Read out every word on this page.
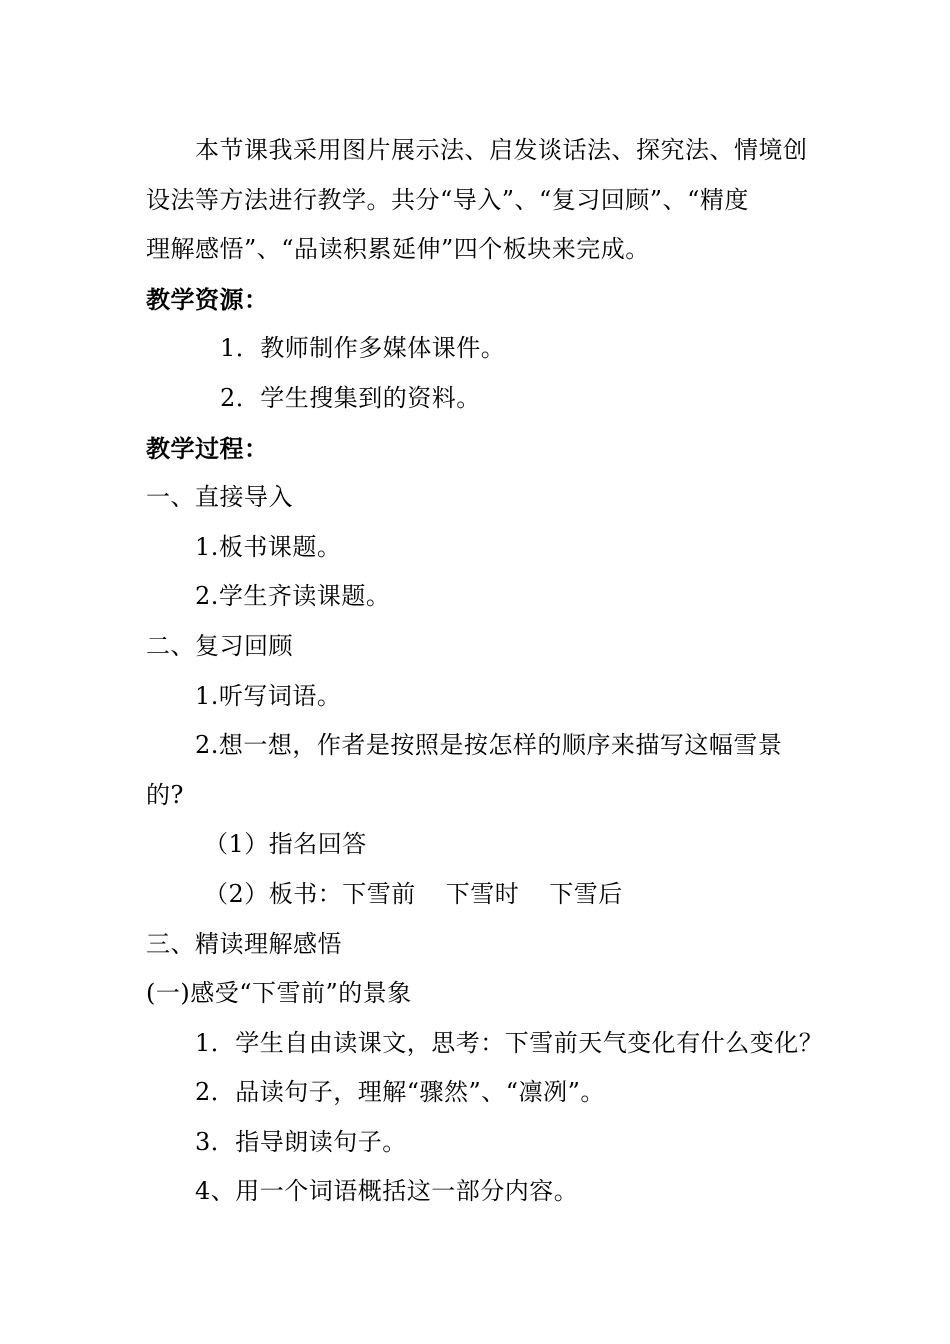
本节课我采用图片展示法、启发谈话法、探究法、情境创
设法等方法进行教学。共分“导入”、“复习回顾”、“精度
理解感悟”、“品读积累延伸”四个板块来完成。
教学资源：
1．教师制作多媒体课件。
2．学生搜集到的资料。
教学过程：
一、直接导入
1.板书课题。
2.学生齐读课题。
二、复习回顾
1.听写词语。
2.想一想，作者是按照是按怎样的顺序来描写这幅雪景
的?
（1）指名回答
（2）板书：下雪前 下雪时 下雪后
三、精读理解感悟
(一)感受“下雪前”的景象
1．学生自由读课文，思考：下雪前天气变化有什么变化？
2．品读句子，理解“骤然”、“凛冽”。
3．指导朗读句子。
4、用一个词语概括这一部分内容。
